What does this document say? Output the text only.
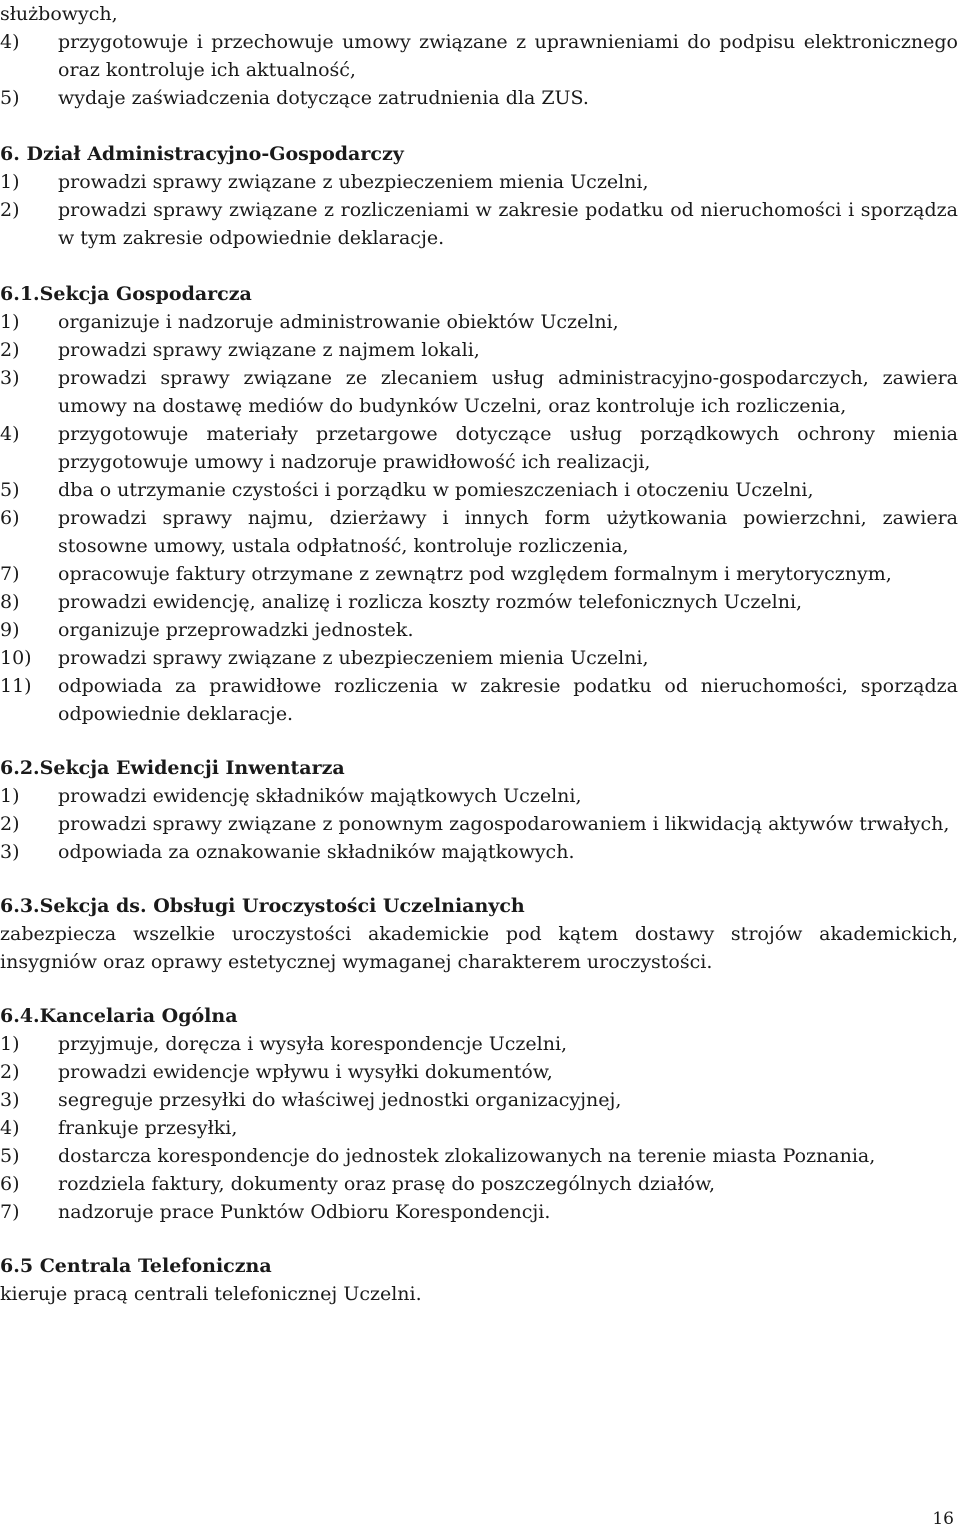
służbowych,
4)	przygotowuje i przechowuje umowy związane z uprawnieniami do podpisu elektronicznego oraz kontroluje ich aktualność,
5)	wydaje zaświadczenia dotyczące zatrudnienia dla ZUS.
6.
Dział Administracyjno-Gospodarczy
1)	prowadzi sprawy związane z ubezpieczeniem mienia Uczelni,
2)	prowadzi sprawy związane z rozliczeniami w zakresie podatku od nieruchomości i sporządza w tym zakresie odpowiednie deklaracje.
6.1. Sekcja Gospodarcza
1)	organizuje i nadzoruje administrowanie obiektów Uczelni,
2)	prowadzi sprawy związane z najmem lokali,
3)	prowadzi sprawy związane ze zlecaniem usług administracyjno-gospodarczych, zawiera umowy na dostawę mediów do budynków Uczelni, oraz kontroluje ich rozliczenia,
4)	przygotowuje materiały przetargowe dotyczące usług porządkowych ochrony mienia przygotowuje umowy i nadzoruje prawidłowość ich realizacji,
5)	dba o utrzymanie czystości i porządku w pomieszczeniach i otoczeniu Uczelni,
6)	prowadzi sprawy najmu, dzierżawy i innych form użytkowania powierzchni, zawiera stosowne umowy, ustala odpłatność, kontroluje rozliczenia,
7)	opracowuje faktury otrzymane z zewnątrz pod względem formalnym i merytorycznym,
8)	prowadzi ewidencję, analizę i rozlicza koszty rozmów telefonicznych Uczelni,
9)	organizuje przeprowadzki jednostek.
10)	prowadzi sprawy związane z ubezpieczeniem mienia Uczelni,
11)	odpowiada za prawidłowe rozliczenia w zakresie podatku od nieruchomości, sporządza odpowiednie deklaracje.
6.2. Sekcja Ewidencji Inwentarza
1)	prowadzi ewidencję składników majątkowych Uczelni,
2)	prowadzi sprawy związane z ponownym zagospodarowaniem i likwidacją aktywów trwałych,
3)	odpowiada za oznakowanie składników majątkowych.
6.3. Sekcja ds. Obsługi Uroczystości Uczelnianych
zabezpiecza wszelkie uroczystości akademickie pod kątem dostawy strojów akademickich, insygniów oraz oprawy estetycznej wymaganej charakterem uroczystości.
6.4. Kancelaria Ogólna
1)	przyjmuje, doręcza i wysyła korespondencje Uczelni,
2)	prowadzi ewidencje wpływu i wysyłki dokumentów,
3)	segreguje przesyłki do właściwej jednostki organizacyjnej,
4)	frankuje przesyłki,
5)	dostarcza korespondencje do jednostek zlokalizowanych na terenie miasta Poznania,
6)	rozdziela faktury, dokumenty oraz prasę do poszczególnych działów,
7)	nadzoruje prace Punktów Odbioru Korespondencji.
6.5
Centrala Telefoniczna
kieruje pracą centrali telefonicznej Uczelni.
16
